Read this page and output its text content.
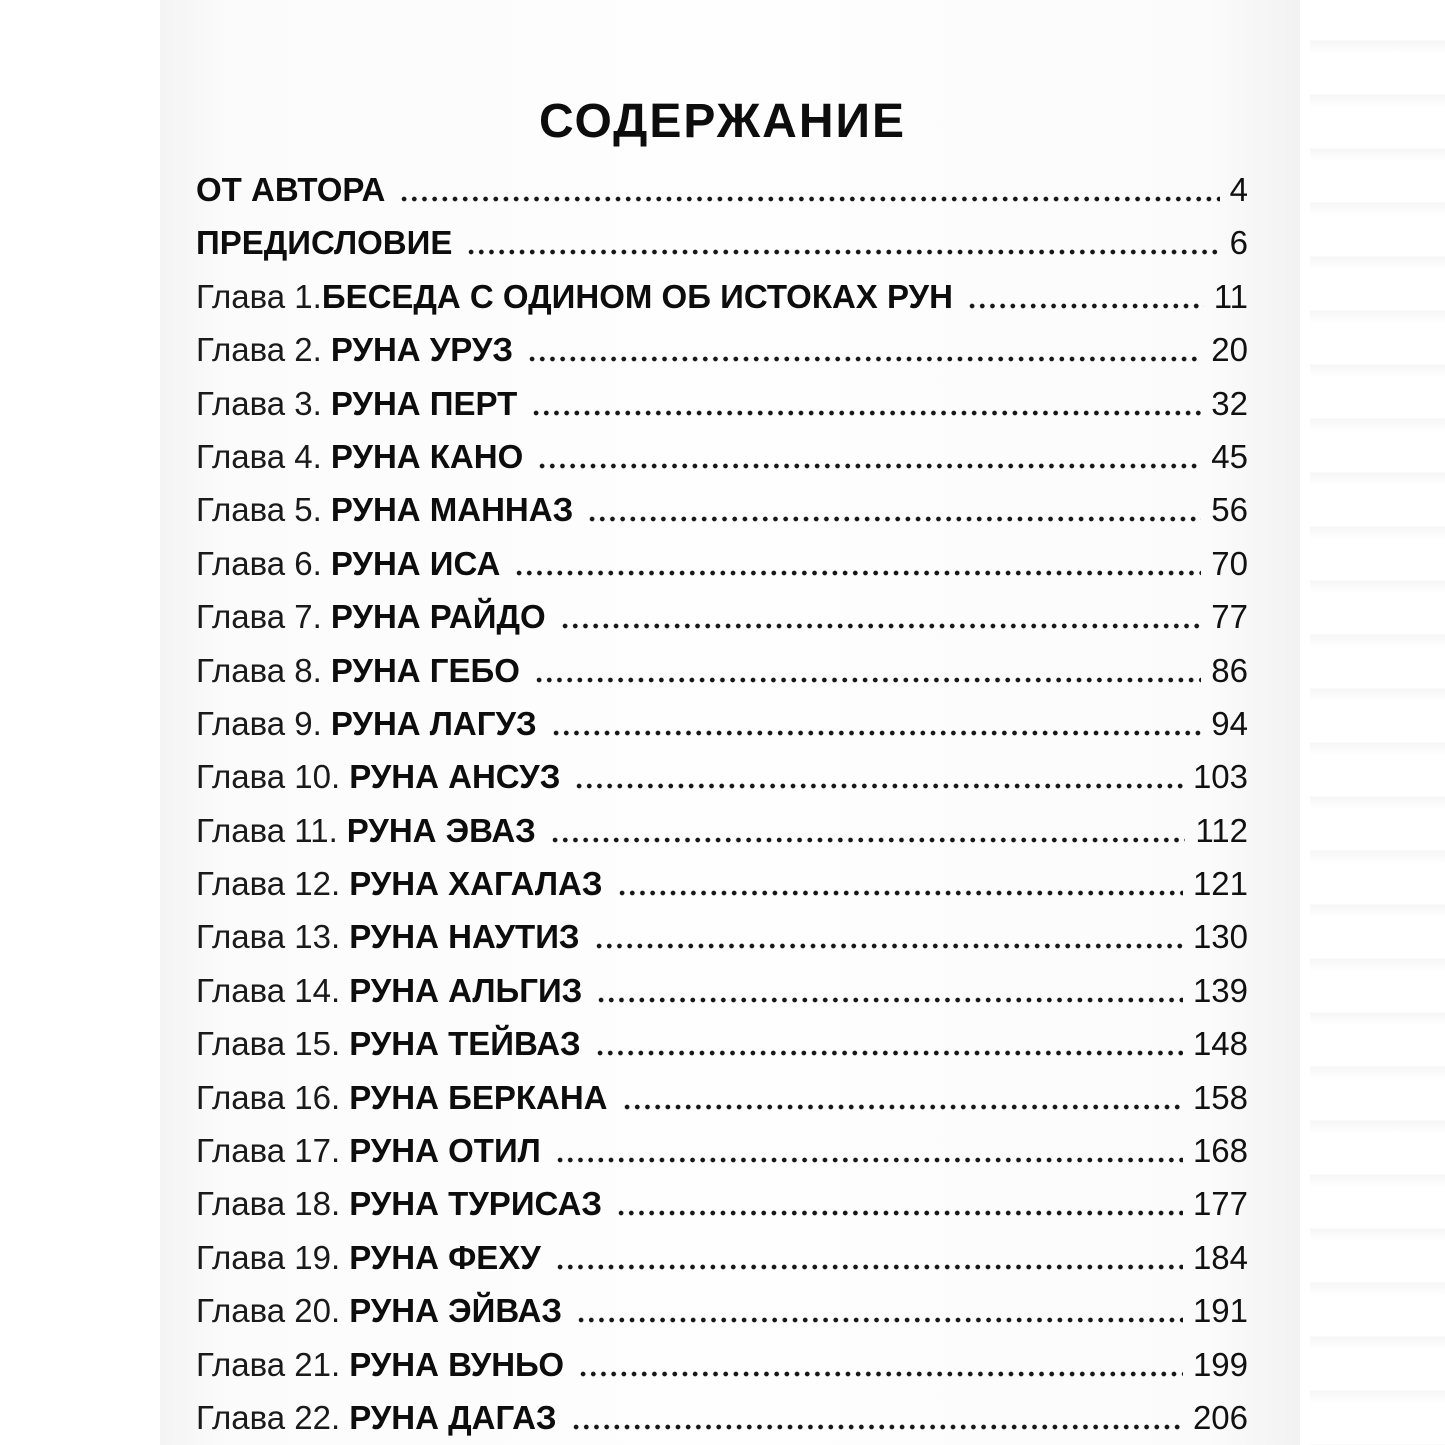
СОДЕРЖАНИЕ
ОТ АВТОРА	4
ПРЕДИСЛОВИЕ	6
Глава 1. БЕСЕДА С ОДИНОМ ОБ ИСТОКАХ РУН	11
Глава 2. РУНА УРУЗ	20
Глава 3. РУНА ПЕРТ	32
Глава 4. РУНА КАНО	45
Глава 5. РУНА МАННАЗ	56
Глава 6. РУНА ИСА	70
Глава 7. РУНА РАЙДО	77
Глава 8. РУНА ГЕБО	86
Глава 9. РУНА ЛАГУЗ	94
Глава 10. РУНА АНСУЗ	103
Глава 11. РУНА ЭВАЗ	112
Глава 12. РУНА ХАГАЛАЗ	121
Глава 13. РУНА НАУТИЗ	130
Глава 14. РУНА АЛЬГИЗ	139
Глава 15. РУНА ТЕЙВАЗ	148
Глава 16. РУНА БЕРКАНА	158
Глава 17. РУНА ОТИЛ	168
Глава 18. РУНА ТУРИСАЗ	177
Глава 19. РУНА ФЕХУ	184
Глава 20. РУНА ЭЙВАЗ	191
Глава 21. РУНА ВУНЬО	199
Глава 22. РУНА ДАГАЗ	206
